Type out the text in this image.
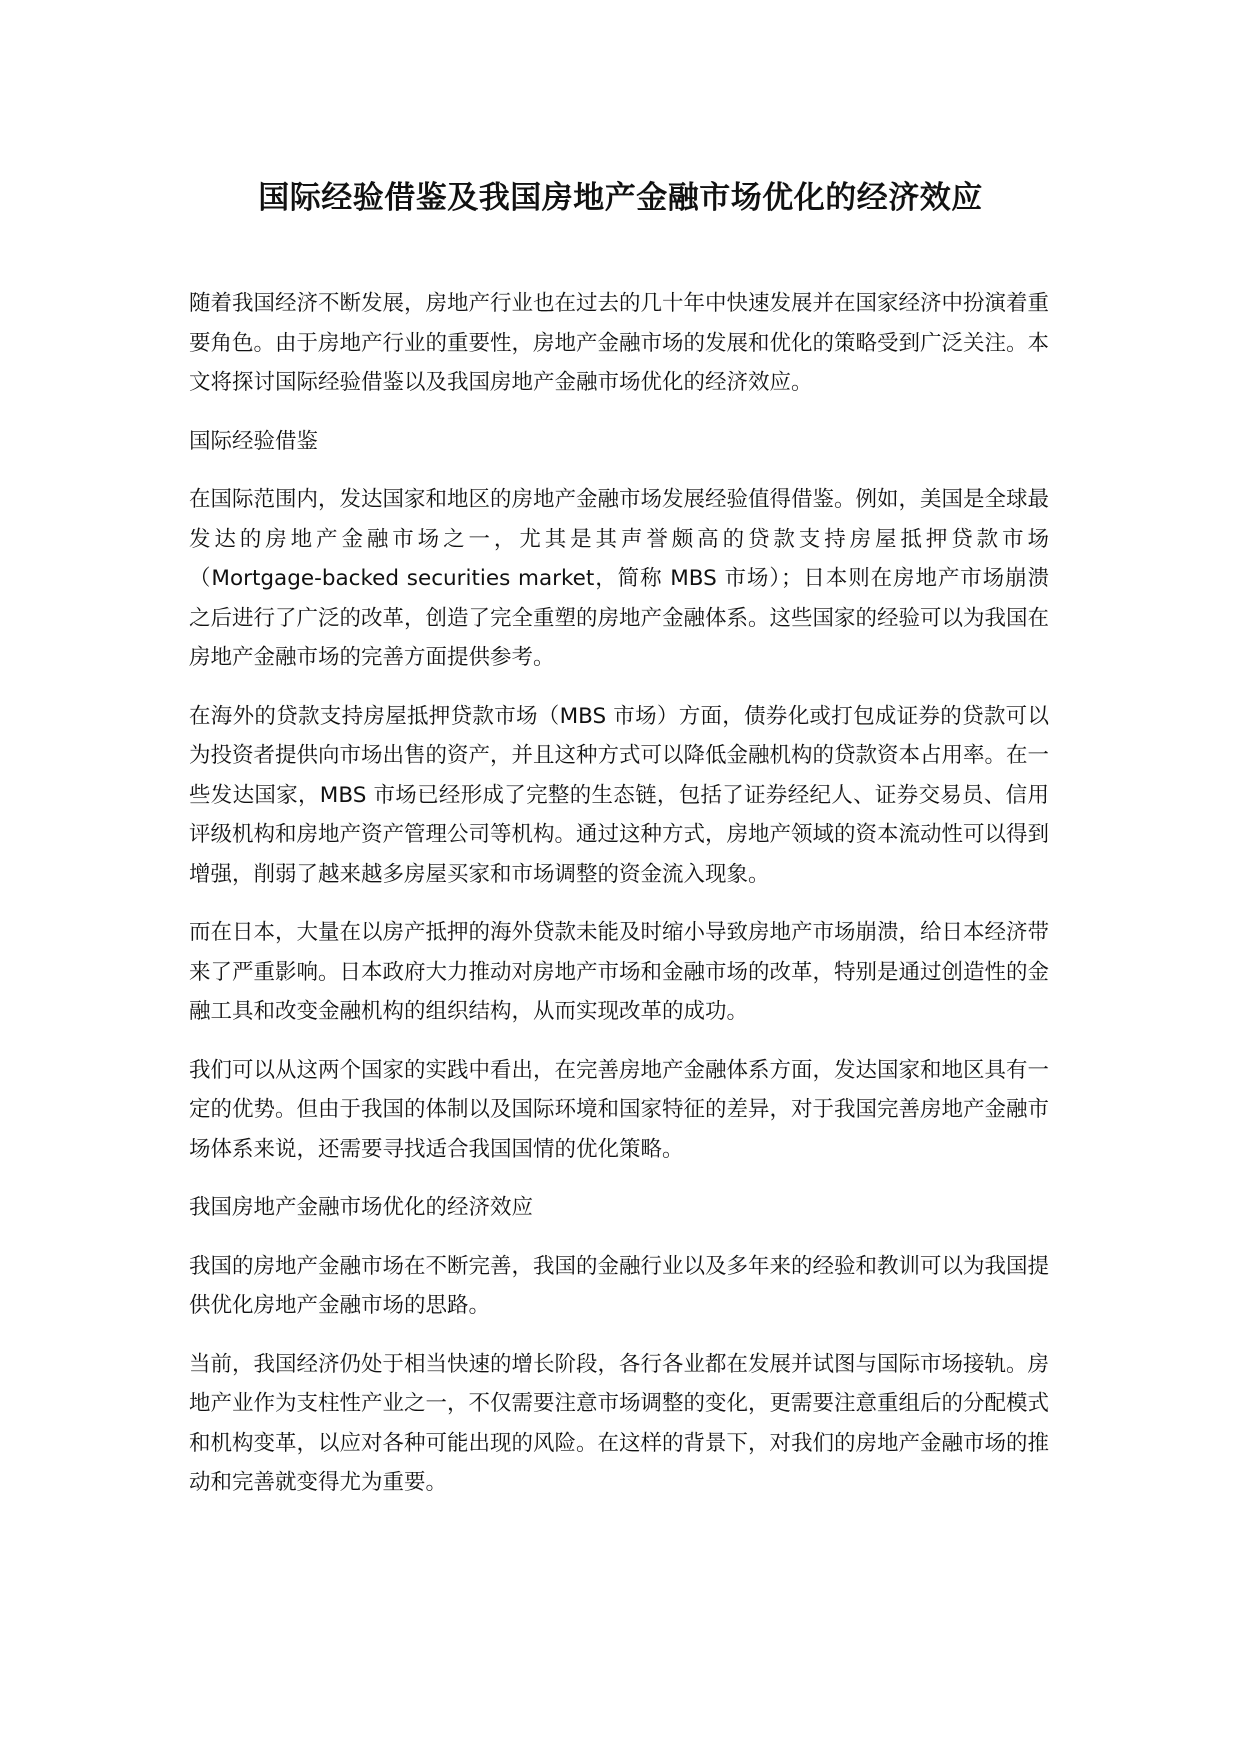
国际经验借鉴及我国房地产金融市场优化的经济效应

随着我国经济不断发展，房地产行业也在过去的几十年中快速发展并在国家经济中扮演着重要角色。由于房地产行业的重要性，房地产金融市场的发展和优化的策略受到广泛关注。本文将探讨国际经验借鉴以及我国房地产金融市场优化的经济效应。

国际经验借鉴

在国际范围内，发达国家和地区的房地产金融市场发展经验值得借鉴。例如，美国是全球最发达的房地产金融市场之一，尤其是其声誉颇高的贷款支持房屋抵押贷款市场（Mortgage-backed securities market，简称 MBS 市场）；日本则在房地产市场崩溃之后进行了广泛的改革，创造了完全重塑的房地产金融体系。这些国家的经验可以为我国在房地产金融市场的完善方面提供参考。

在海外的贷款支持房屋抵押贷款市场（MBS 市场）方面，债券化或打包成证券的贷款可以为投资者提供向市场出售的资产，并且这种方式可以降低金融机构的贷款资本占用率。在一些发达国家，MBS 市场已经形成了完整的生态链，包括了证券经纪人、证券交易员、信用评级机构和房地产资产管理公司等机构。通过这种方式，房地产领域的资本流动性可以得到增强，削弱了越来越多房屋买家和市场调整的资金流入现象。

而在日本，大量在以房产抵押的海外贷款未能及时缩小导致房地产市场崩溃，给日本经济带来了严重影响。日本政府大力推动对房地产市场和金融市场的改革，特别是通过创造性的金融工具和改变金融机构的组织结构，从而实现改革的成功。

我们可以从这两个国家的实践中看出，在完善房地产金融体系方面，发达国家和地区具有一定的优势。但由于我国的体制以及国际环境和国家特征的差异，对于我国完善房地产金融市场体系来说，还需要寻找适合我国国情的优化策略。

我国房地产金融市场优化的经济效应

我国的房地产金融市场在不断完善，我国的金融行业以及多年来的经验和教训可以为我国提供优化房地产金融市场的思路。

当前，我国经济仍处于相当快速的增长阶段，各行各业都在发展并试图与国际市场接轨。房地产业作为支柱性产业之一，不仅需要注意市场调整的变化，更需要注意重组后的分配模式和机构变革，以应对各种可能出现的风险。在这样的背景下，对我们的房地产金融市场的推动和完善就变得尤为重要。
